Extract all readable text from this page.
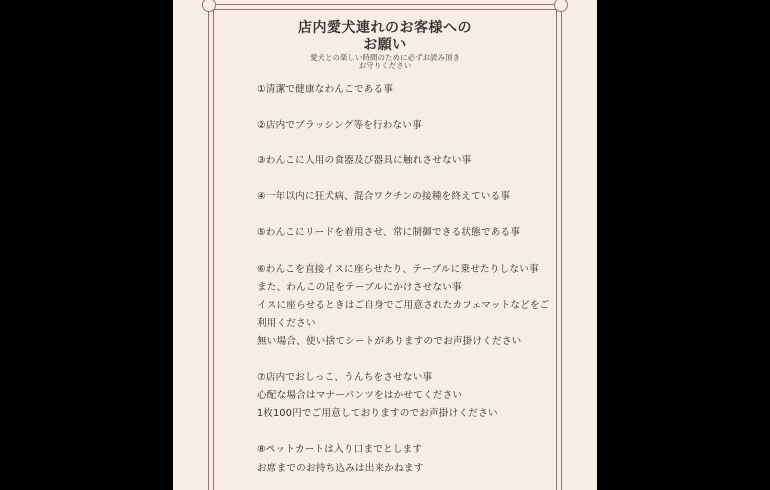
店内愛犬連れのお客様への
お願い
愛犬との楽しい時間のために必ずお読み頂き
お守りください
①清潔で健康なわんこである事
②店内でブラッシング等を行わない事
③わんこに人用の食器及び器具に触れさせない事
④一年以内に狂犬病、混合ワクチンの接種を終えている事
⑤わんこにリードを着用させ、常に制御できる状態である事
⑥わんこを直接イスに座らせたり、テーブルに乗せたりしない事
また、わんこの足をテーブルにかけさせない事
イスに座らせるときはご自身でご用意されたカフェマットなどをご
利用ください
無い場合、使い捨てシートがありますのでお声掛けください
⑦店内でおしっこ、うんちをさせない事
心配な場合はマナーパンツをはかせてください
1枚100円でご用意しておりますのでお声掛けください
⑧ペットカートは入り口までとします
お席までのお持ち込みは出来かねます
